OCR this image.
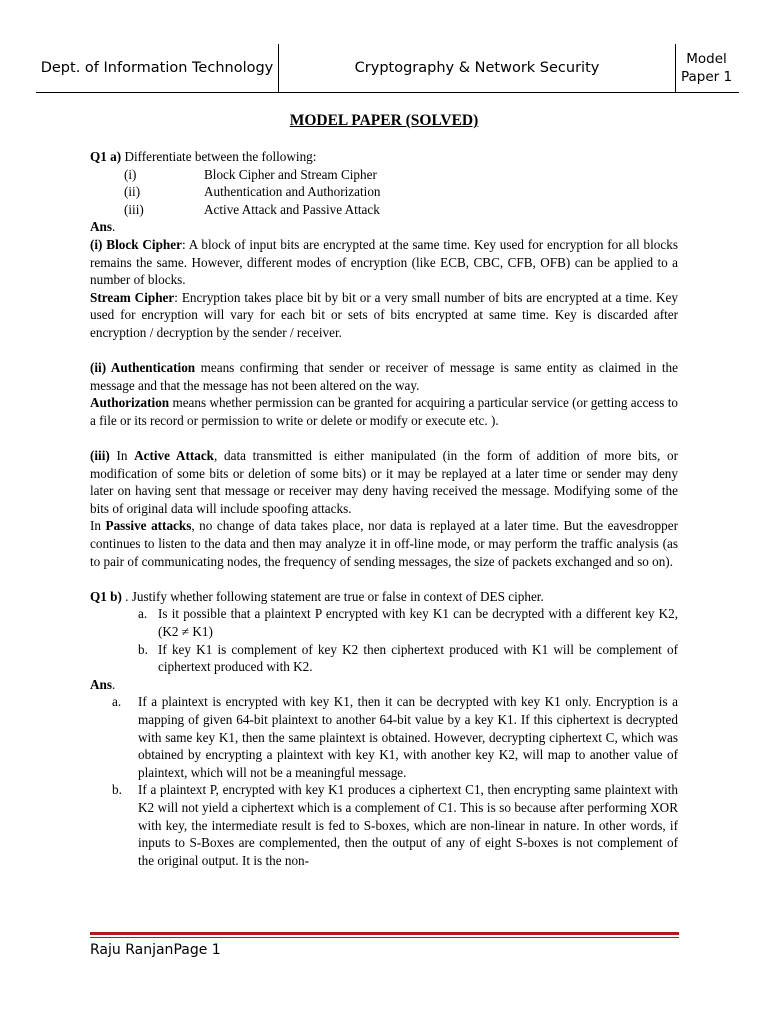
Dept. of Information Technology	Cryptography & Network Security
Model Paper 1
MODEL PAPER (SOLVED)

Q1 a) Differentiate between the following:

(i)	Block Cipher and Stream Cipher
(ii)	Authentication and Authorization
(iii)	Active Attack and Passive Attack

Ans.

(i) Block Cipher: A block of input bits are encrypted at the same time. Key used for encryption for all blocks remains the same. However, different modes of encryption (like ECB, CBC, CFB, OFB) can be applied to a number of blocks.

Stream Cipher: Encryption takes place bit by bit or a very small number of bits are encrypted at a time. Key used for encryption will vary for each bit or sets of bits encrypted at same time. Key is discarded after encryption / decryption by the sender / receiver.

(ii) Authentication means confirming that sender or receiver of message is same entity as claimed in the message and that the message has not been altered on the way.

Authorization means whether permission can be granted for acquiring a particular service (or getting access to a file or its record or permission to write or delete or modify or execute etc. ).

(iii) In Active Attack, data transmitted is either manipulated (in the form of addition of more bits, or modification of some bits or deletion of some bits) or it may be replayed at a later time or sender may deny later on having sent that message or receiver may deny having received the message. Modifying some of the bits of original data will include spoofing attacks.

In Passive attacks, no change of data takes place, nor data is replayed at a later time. But the eavesdropper continues to listen to the data and then may analyze it in off-line mode, or may perform the traffic analysis (as to pair of communicating nodes, the frequency of sending messages, the size of packets exchanged and so on).

Q1 b) . Justify whether following statement are true or false in context of DES cipher.

a. Is it possible that a plaintext P encrypted with key K1 can be decrypted with a different key K2, (K2 ≠ K1)
b. If key K1 is complement of key K2 then ciphertext produced with K1 will be complement of ciphertext produced with K2.

Ans.

a.	If a plaintext is encrypted with key K1, then it can be decrypted with key K1 only. Encryption is a mapping of given 64-bit plaintext to another 64-bit value by a key K1. If this ciphertext is decrypted with same key K1, then the same plaintext is obtained. However, decrypting ciphertext C, which was obtained by encrypting a plaintext with key K1, with another key K2, will map to another value of plaintext, which will not be a meaningful message.
b.	If a plaintext P, encrypted with key K1 produces a ciphertext C1, then encrypting same plaintext with K2 will not yield a ciphertext which is a complement of C1. This is so because after performing XOR with key, the intermediate result is fed to S-boxes, which are non-linear in nature. In other words, if inputs to S-Boxes are complemented, then the output of any of eight S-boxes is not complement of the original output. It is the non-
Raju RanjanPage 1
